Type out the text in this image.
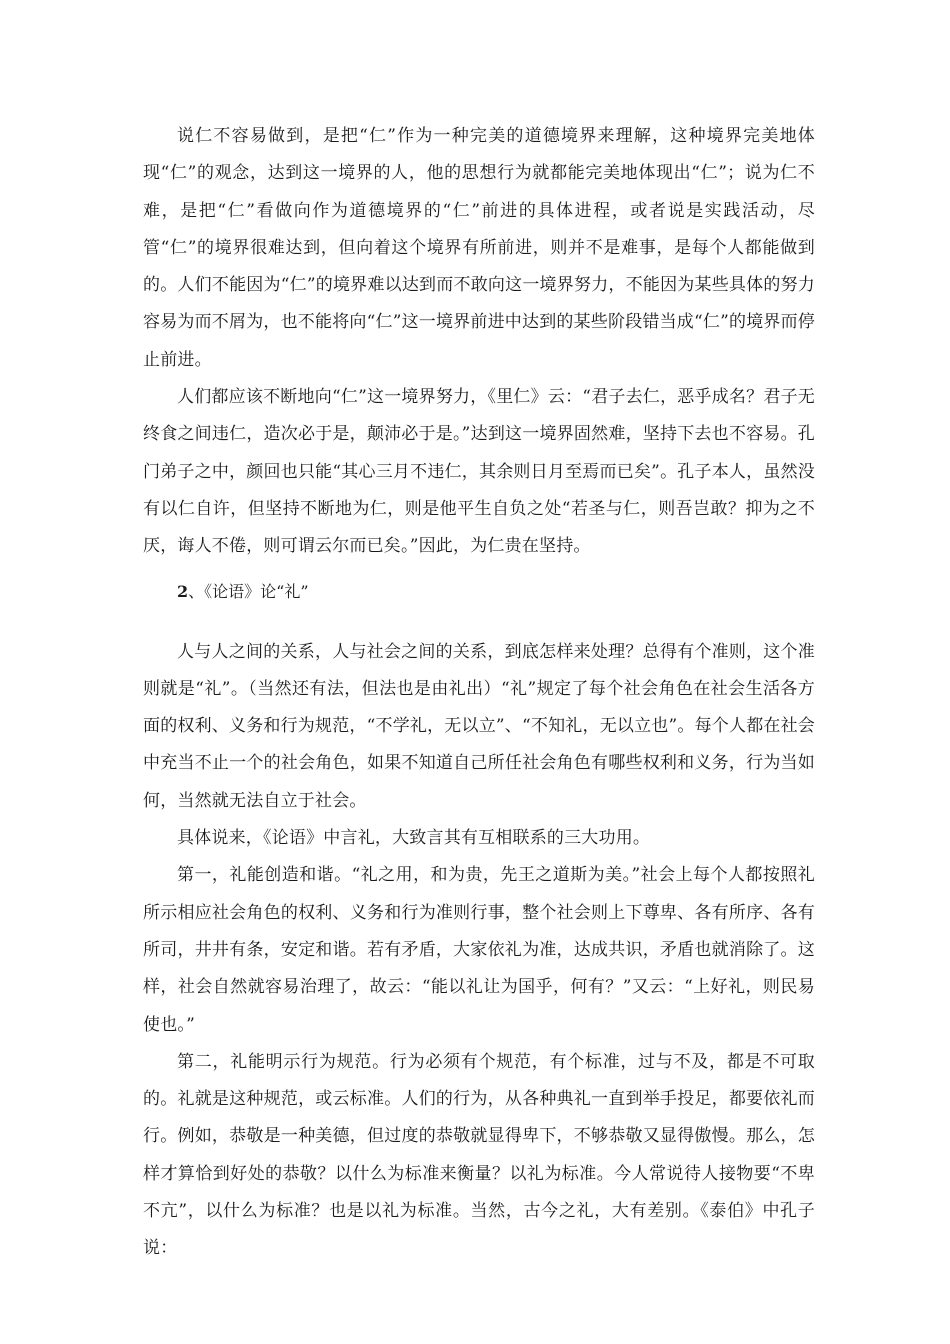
说仁不容易做到，是把“仁”作为一种完美的道德境界来理解，这种境界完美地体现“仁”的观念，达到这一境界的人，他的思想行为就都能完美地体现出“仁”；说为仁不难，是把“仁”看做向作为道德境界的“仁”前进的具体进程，或者说是实践活动，尽管“仁”的境界很难达到，但向着这个境界有所前进，则并不是难事，是每个人都能做到的。人们不能因为“仁”的境界难以达到而不敢向这一境界努力，不能因为某些具体的努力容易为而不屑为，也不能将向“仁”这一境界前进中达到的某些阶段错当成“仁”的境界而停止前进。

人们都应该不断地向“仁”这一境界努力，《里仁》云：“君子去仁，恶乎成名？君子无终食之间违仁，造次必于是，颠沛必于是。”达到这一境界固然难，坚持下去也不容易。孔门弟子之中，颜回也只能“其心三月不违仁，其余则日月至焉而已矣”。孔子本人，虽然没有以仁自许，但坚持不断地为仁，则是他平生自负之处“若圣与仁，则吾岂敢？抑为之不厌，诲人不倦，则可谓云尔而已矣。”因此，为仁贵在坚持。

2、《论语》论“礼”

人与人之间的关系，人与社会之间的关系，到底怎样来处理？总得有个准则，这个准则就是“礼”。（当然还有法，但法也是由礼出）“礼”规定了每个社会角色在社会生活各方面的权利、义务和行为规范，“不学礼，无以立”、“不知礼，无以立也”。每个人都在社会中充当不止一个的社会角色，如果不知道自己所任社会角色有哪些权利和义务，行为当如何，当然就无法自立于社会。

具体说来，《论语》中言礼，大致言其有互相联系的三大功用。

第一，礼能创造和谐。“礼之用，和为贵，先王之道斯为美。”社会上每个人都按照礼所示相应社会角色的权利、义务和行为准则行事，整个社会则上下尊卑、各有所序、各有所司，井井有条，安定和谐。若有矛盾，大家依礼为准，达成共识，矛盾也就消除了。这样，社会自然就容易治理了，故云：“能以礼让为国乎，何有？”又云：“上好礼，则民易使也。”

第二，礼能明示行为规范。行为必须有个规范，有个标准，过与不及，都是不可取的。礼就是这种规范，或云标准。人们的行为，从各种典礼一直到举手投足，都要依礼而行。例如，恭敬是一种美德，但过度的恭敬就显得卑下，不够恭敬又显得傲慢。那么，怎样才算恰到好处的恭敬？以什么为标准来衡量？以礼为标准。今人常说待人接物要“不卑不亢”，以什么为标准？也是以礼为标准。当然，古今之礼，大有差别。《泰伯》中孔子说：
